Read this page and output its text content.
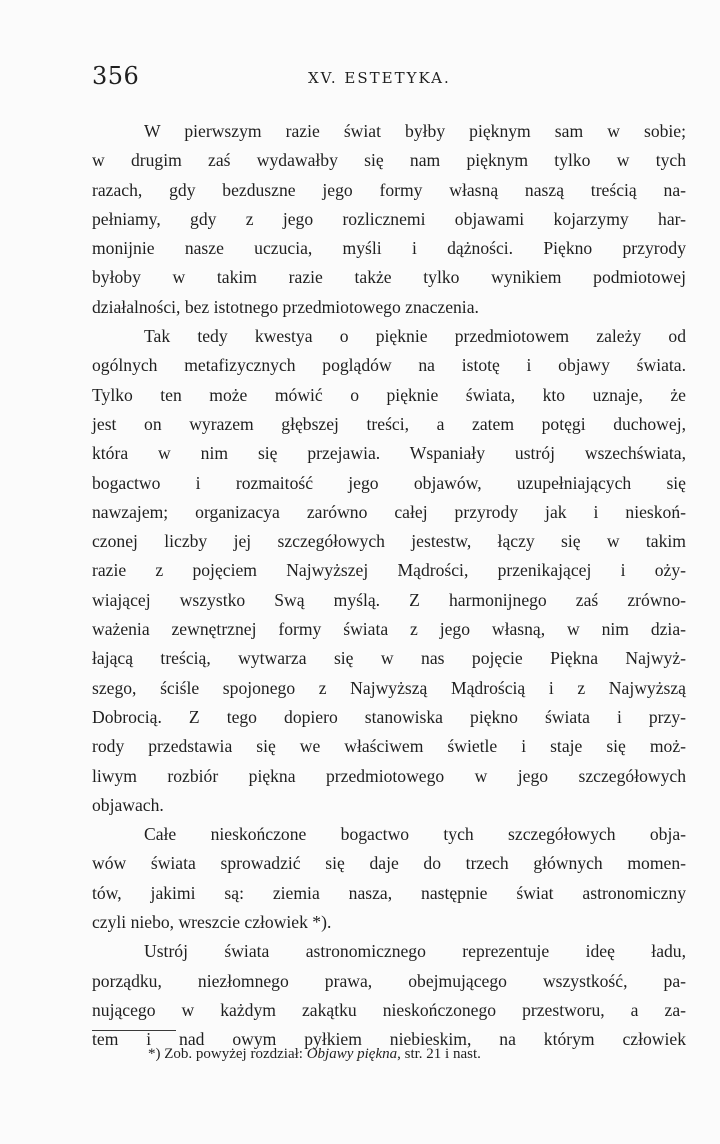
356	XV. ESTETYKA.
W pierwszym razie świat byłby pięknym sam w sobie;
w drugim zaś wydawałby się nam pięknym tylko w tych
razach, gdy bezduszne jego formy własną naszą treścią na-
pełniamy, gdy z jego rozlicznemi objawami kojarzymy har-
monijnie nasze uczucia, myśli i dążności. Piękno przyrody
byłoby w takim razie także tylko wynikiem podmiotowej
działalności, bez istotnego przedmiotowego znaczenia.
Tak tedy kwestya o pięknie przedmiotowem zależy od
ogólnych metafizycznych poglądów na istotę i objawy świata.
Tylko ten może mówić o pięknie świata, kto uznaje, że
jest on wyrazem głębszej treści, a zatem potęgi duchowej,
która w nim się przejawia. Wspaniały ustrój wszechświata,
bogactwo i rozmaitość jego objawów, uzupełniających się
nawzajem; organizacya zarówno całej przyrody jak i nieskoń-
czonej liczby jej szczegółowych jestestw, łączy się w takim
razie z pojęciem Najwyższej Mądrości, przenikającej i oży-
wiającej wszystko Swą myślą. Z harmonijnego zaś zrówno-
ważenia zewnętrznej formy świata z jego własną, w nim dzia-
łającą treścią, wytwarza się w nas pojęcie Piękna Najwyż-
szego, ściśle spojonego z Najwyższą Mądrością i z Najwyższą
Dobrocią. Z tego dopiero stanowiska piękno świata i przy-
rody przedstawia się we właściwem świetle i staje się moż-
liwym rozbiór piękna przedmiotowego w jego szczegółowych
objawach.
Całe nieskończone bogactwo tych szczegółowych obja-
wów świata sprowadzić się daje do trzech głównych momen-
tów, jakimi są: ziemia nasza, następnie świat astronomiczny
czyli niebo, wreszcie człowiek *).
Ustrój świata astronomicznego reprezentuje ideę ładu,
porządku, niezłomnego prawa, obejmującego wszystkość, pa-
nującego w każdym zakątku nieskończonego przestworu, a za-
tem i nad owym pyłkiem niebieskim, na którym człowiek
*) Zob. powyżej rozdział: Objawy piękna, str. 21 i nast.
